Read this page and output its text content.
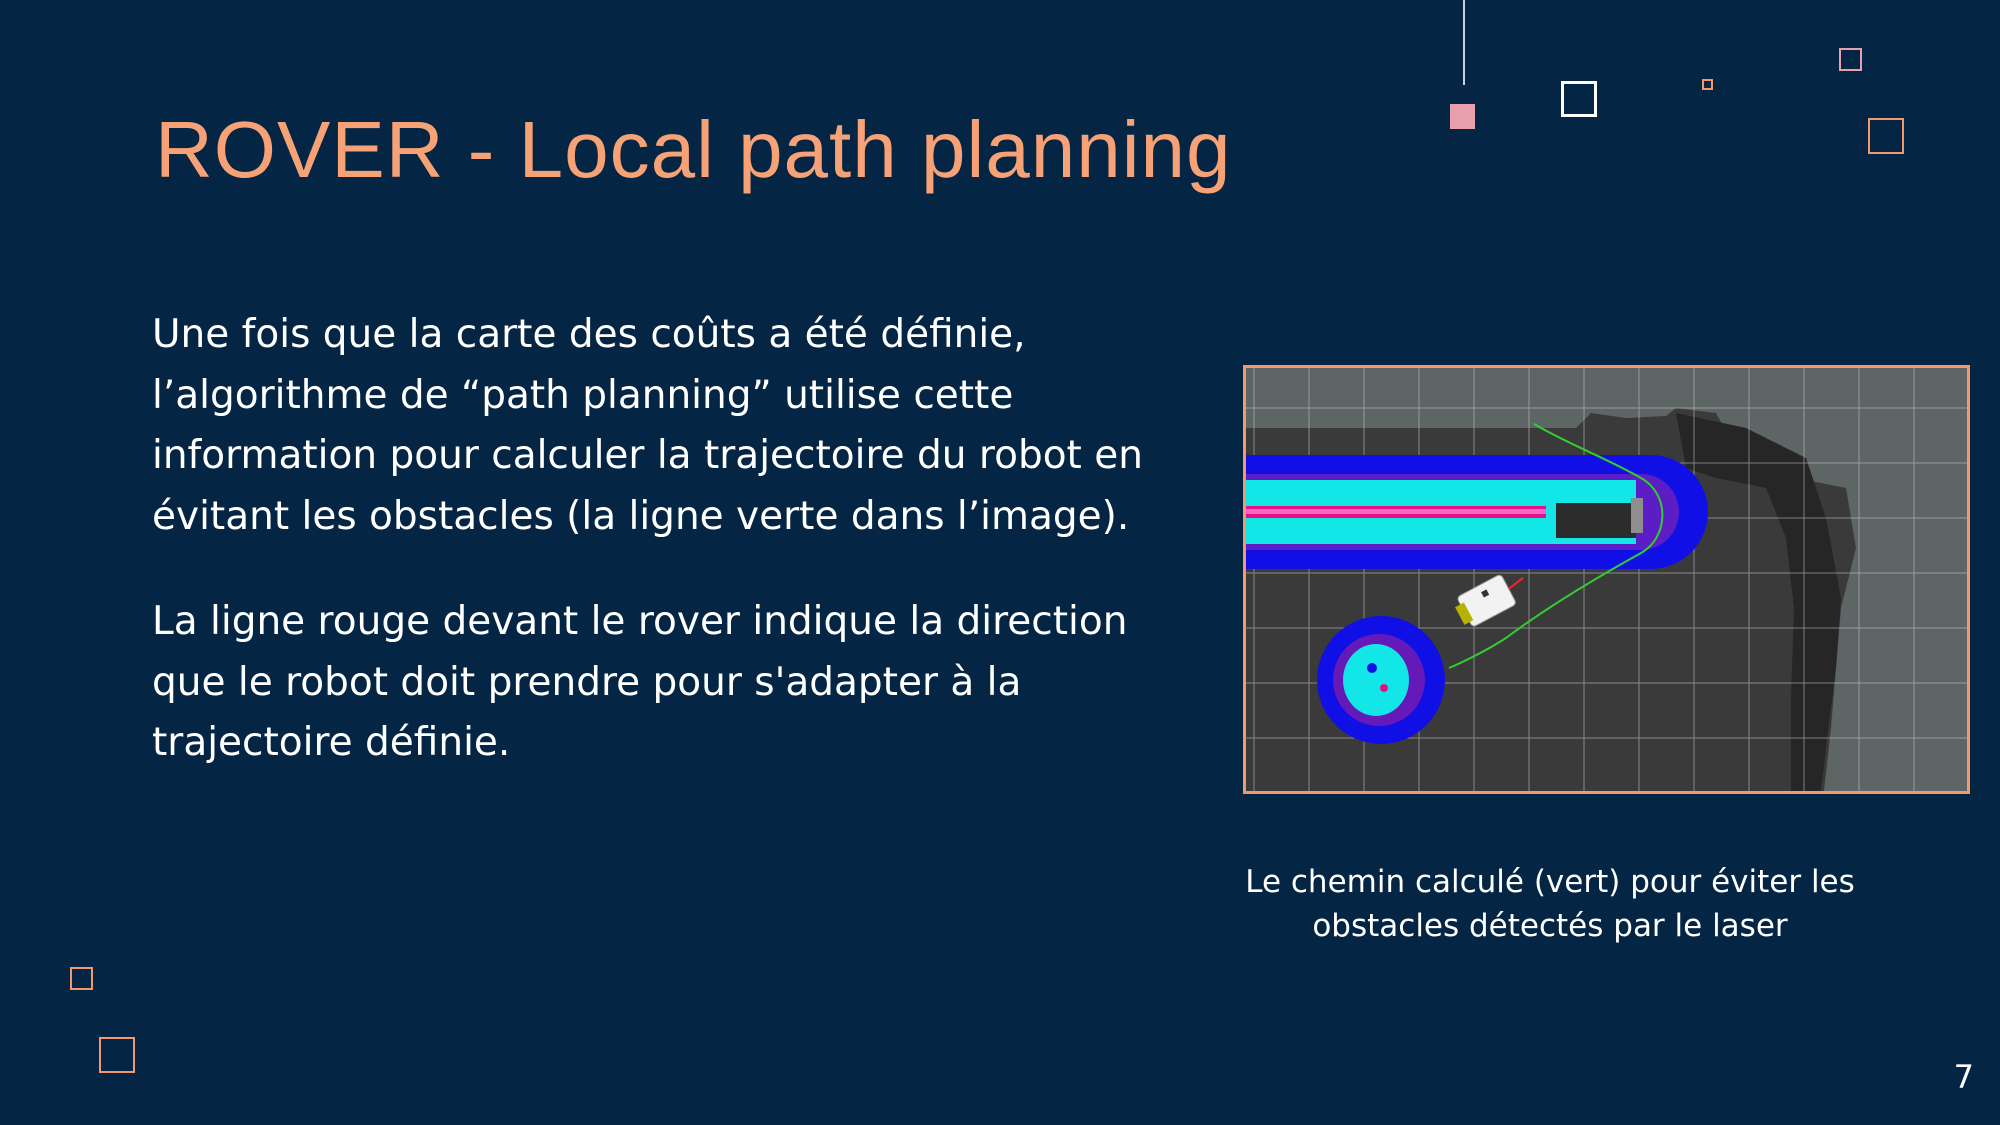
ROVER - Local path planning

Une fois que la carte des coûts a été définie, l’algorithme de “path planning” utilise cette information pour calculer la trajectoire du robot en évitant les obstacles (la ligne verte dans l’image).

La ligne rouge devant le rover indique la direction que le robot doit prendre pour s'adapter à la trajectoire définie.

Le chemin calculé (vert) pour éviter les
obstacles détectés par le laser
7
